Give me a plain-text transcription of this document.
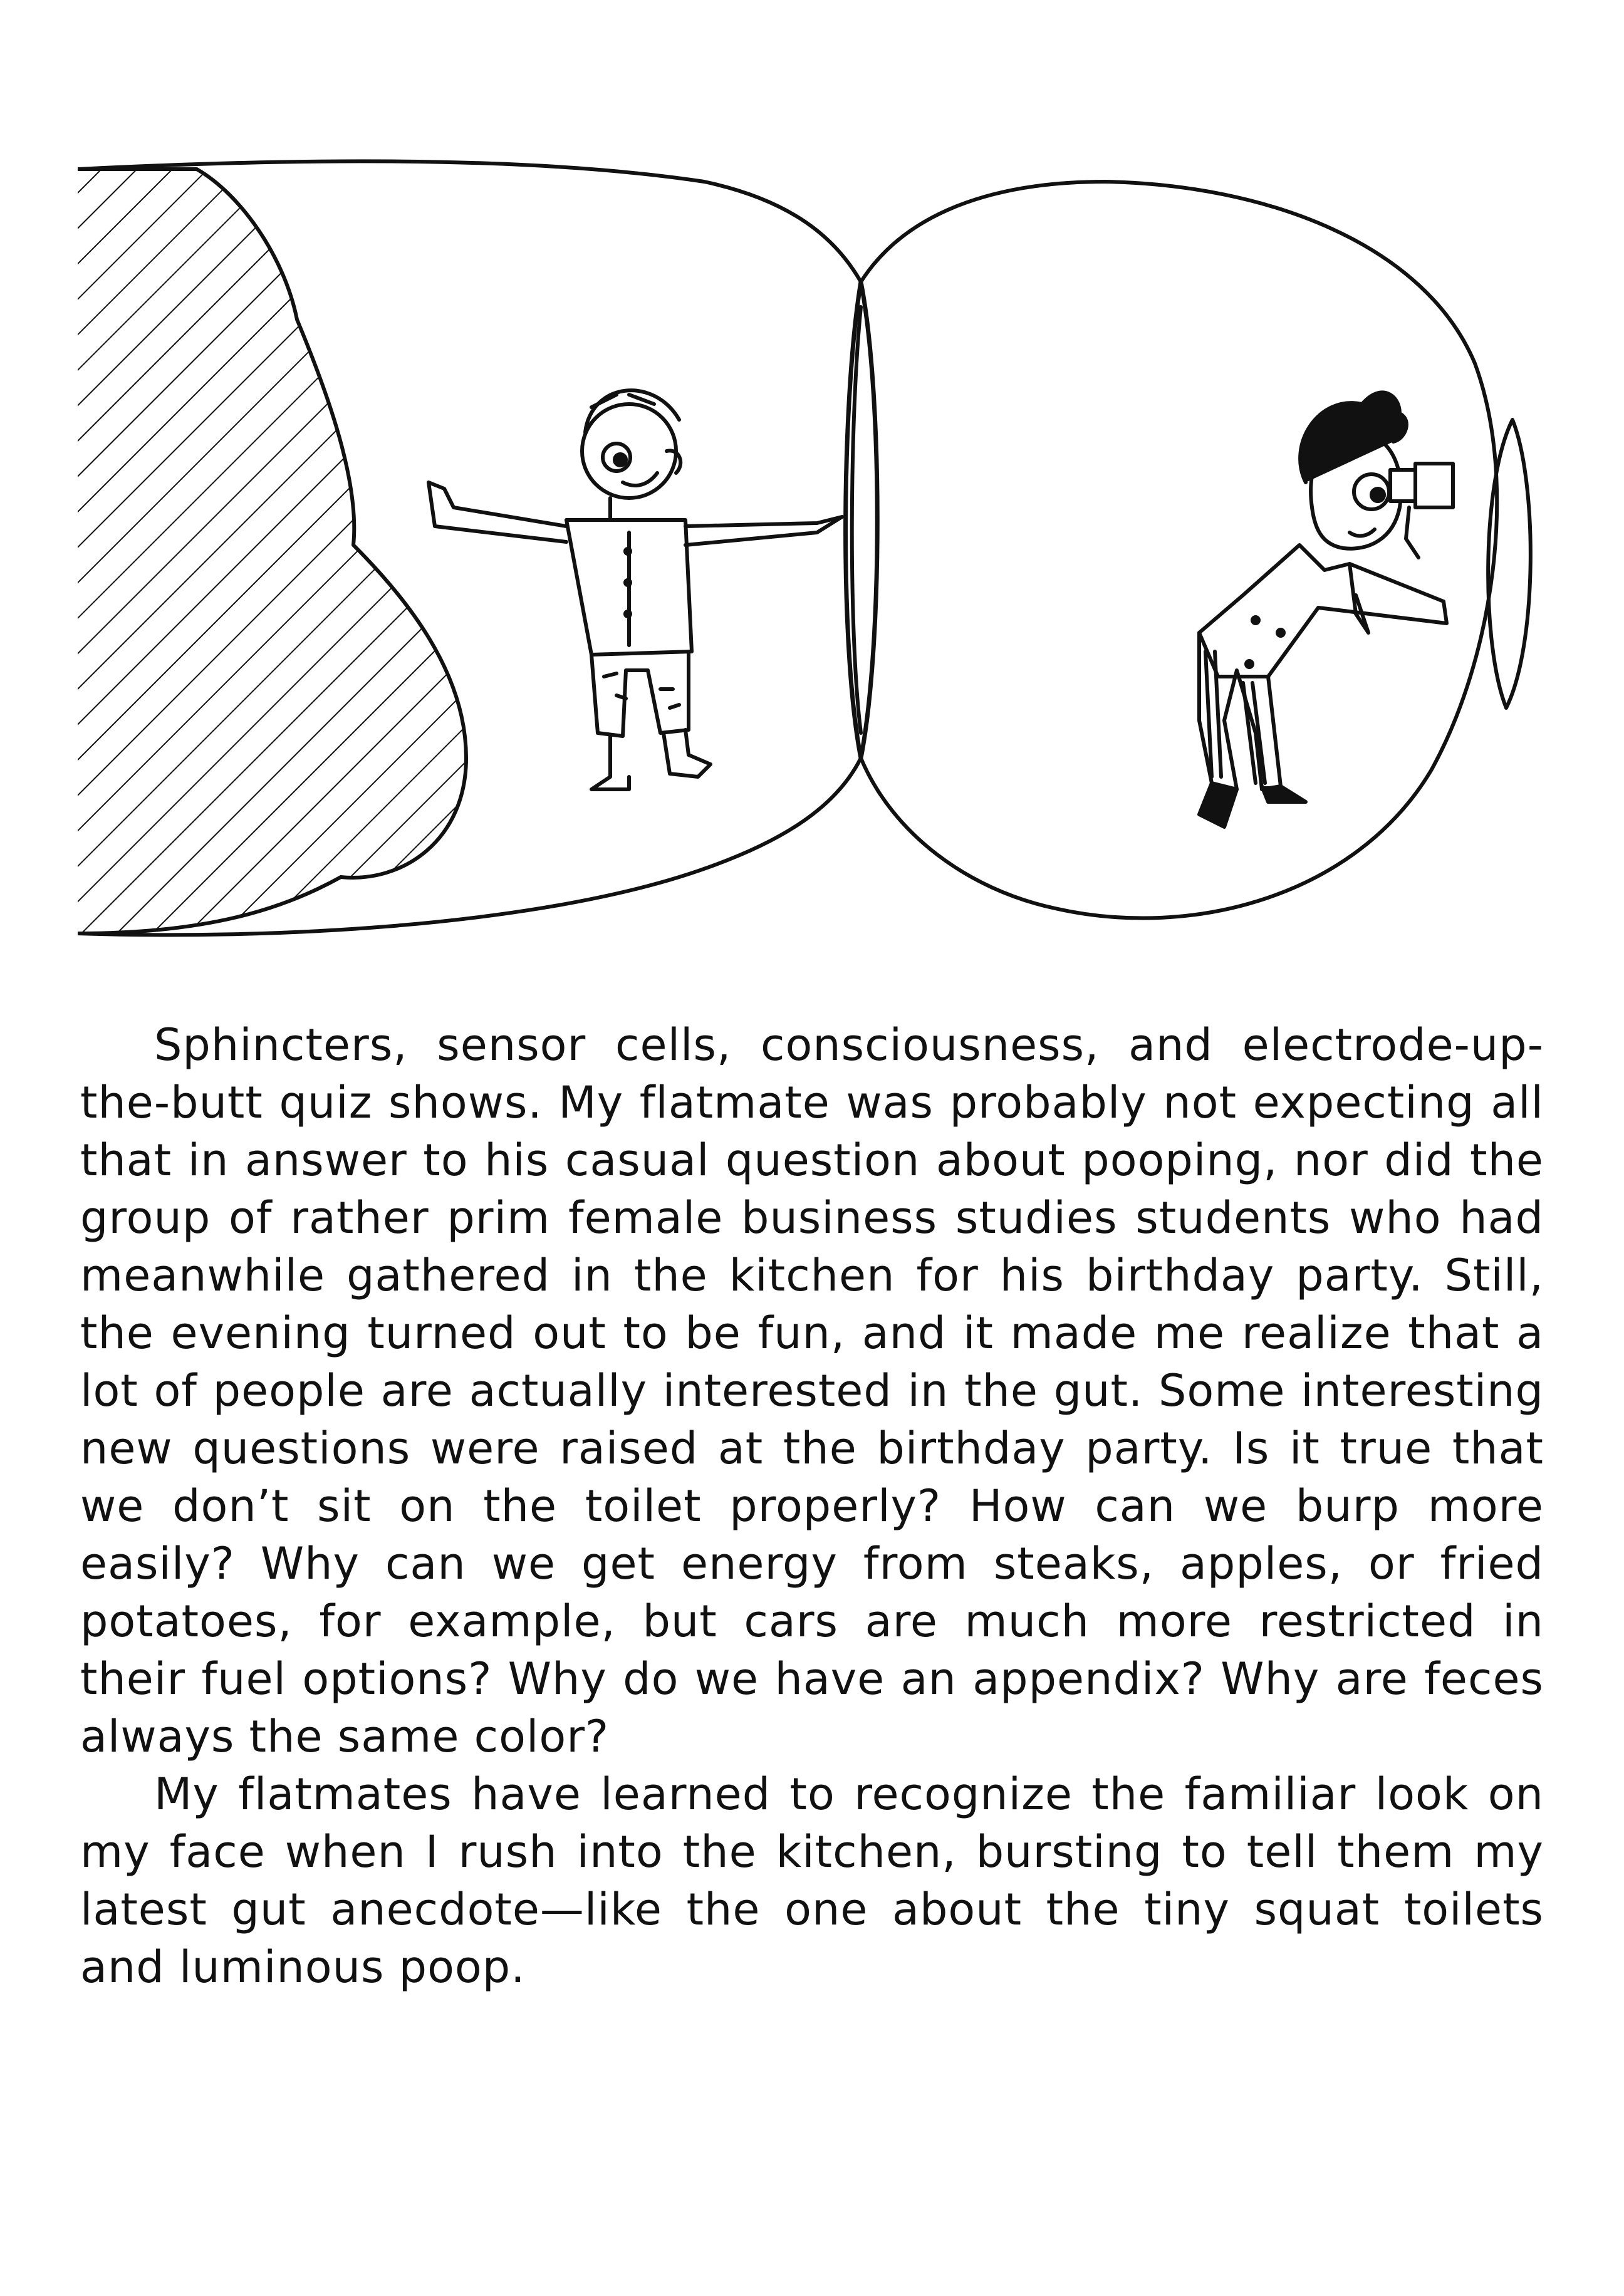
Sphincters, sensor cells, consciousness, and electrode-up-the-butt quiz shows. My flatmate was probably not expecting all that in answer to his casual question about pooping, nor did the group of rather prim female business studies students who had meanwhile gathered in the kitchen for his birthday party. Still, the evening turned out to be fun, and it made me realize that a lot of people are actually interested in the gut. Some interesting new questions were raised at the birthday party. Is it true that we don’t sit on the toilet properly? How can we burp more easily? Why can we get energy from steaks, apples, or fried potatoes, for example, but cars are much more restricted in their fuel options? Why do we have an appendix? Why are feces always the same color?

My flatmates have learned to recognize the familiar look on my face when I rush into the kitchen, bursting to tell them my latest gut anecdote—like the one about the tiny squat toilets and luminous poop.
